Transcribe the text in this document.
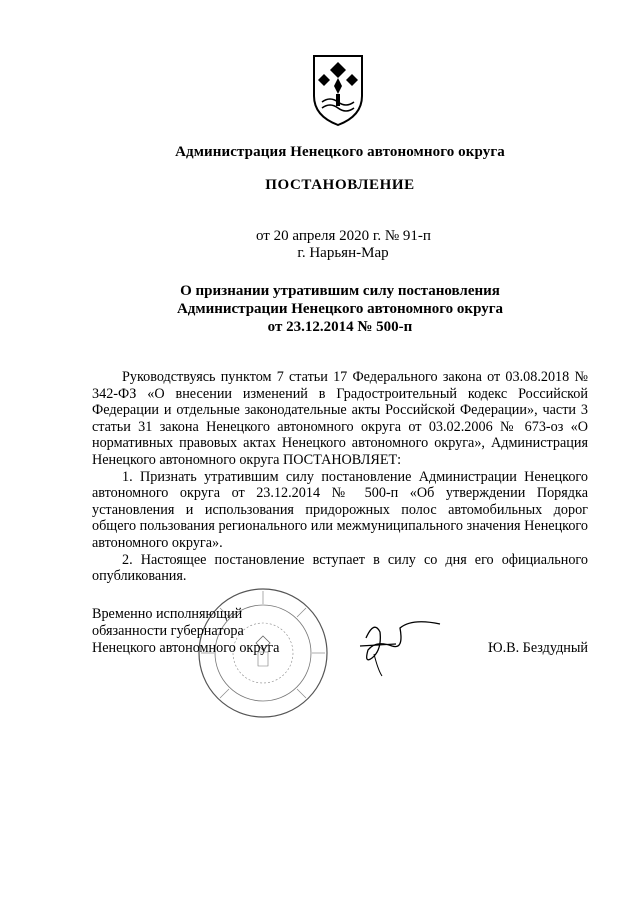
Администрация Ненецкого автономного округа
ПОСТАНОВЛЕНИЕ
от 20 апреля 2020 г. № 91-п
г. Нарьян-Мар
О признании утратившим силу постановления
Администрации Ненецкого автономного округа
от 23.12.2014 № 500-п

Руководствуясь пунктом 7 статьи 17 Федерального закона от 03.08.2018 № 342-ФЗ «О внесении изменений в Градостроительный кодекс Российской Федерации и отдельные законодательные акты Российской Федерации», части 3 статьи 31 закона Ненецкого автономного округа от 03.02.2006 № 673-оз «О нормативных правовых актах Ненецкого автономного округа», Администрация Ненецкого автономного округа ПОСТАНОВЛЯЕТ:

1. Признать утратившим силу постановление Администрации Ненецкого автономного округа от 23.12.2014 № 500-п «Об утверждении Порядка установления и использования придорожных полос автомобильных дорог общего пользования регионального или межмуниципального значения Ненецкого автономного округа».

2. Настоящее постановление вступает в силу со дня его официального опубликования.

Временно исполняющий
обязанности губернатора
Ненецкого автономного округа	Ю.В. Бездудный
